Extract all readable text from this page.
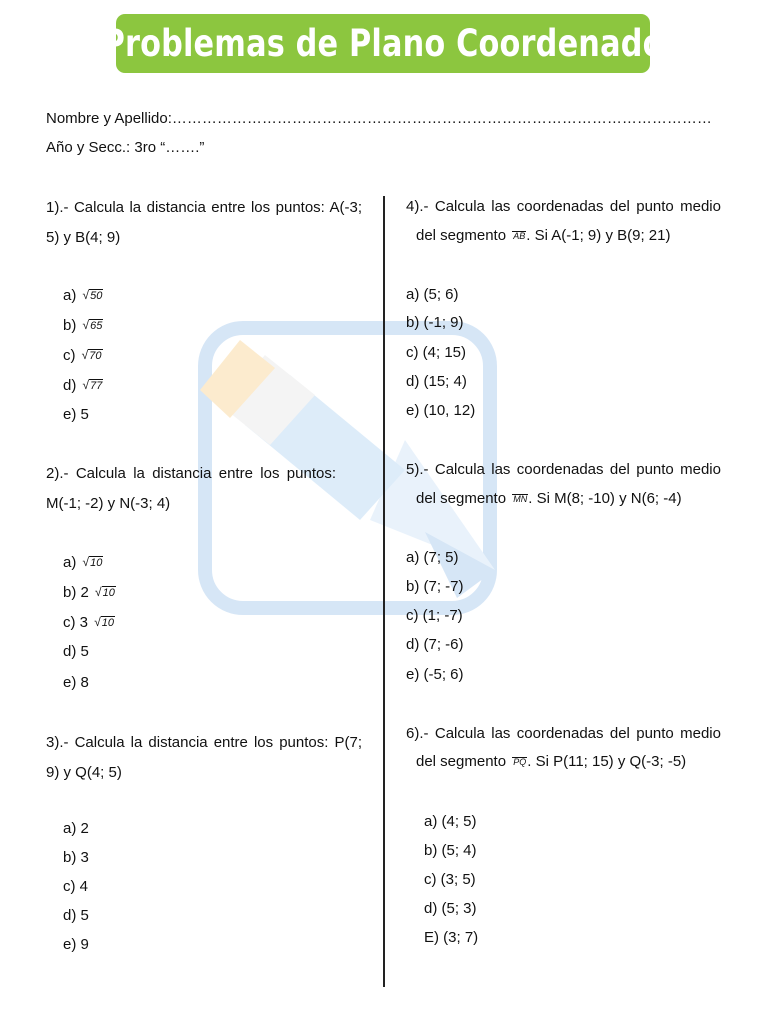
Problemas de Plano Coordenado
Nombre y Apellido:………………………………………………………………………………………………
Año y Secc.: 3ro “…….”
1).- Calcula la distancia entre los puntos: A(-3; 5) y B(4; 9)
a) √50
b) √65
c) √70
d) √77
e) 5
2).- Calcula la distancia entre los puntos: M(-1; -2) y N(-3; 4)
a) √10
b) 2 √10
c) 3 √10
d) 5
e) 8
3).- Calcula la distancia entre los puntos: P(7; 9) y Q(4; 5)
a) 2
b) 3
c) 4
d) 5
e) 9
4).- Calcula las coordenadas del punto medio
del segmento AB. Si A(-1; 9) y B(9; 21)
a) (5; 6)
b) (-1; 9)
c) (4; 15)
d) (15; 4)
e) (10, 12)
5).- Calcula las coordenadas del punto medio
del segmento MN. Si M(8; -10) y N(6; -4)
a) (7; 5)
b) (7; -7)
c) (1; -7)
d) (7; -6)
e) (-5; 6)
6).- Calcula las coordenadas del punto medio
del segmento PQ. Si P(11; 15) y Q(-3; -5)
a) (4; 5)
b) (5; 4)
c) (3; 5)
d) (5; 3)
E) (3; 7)
